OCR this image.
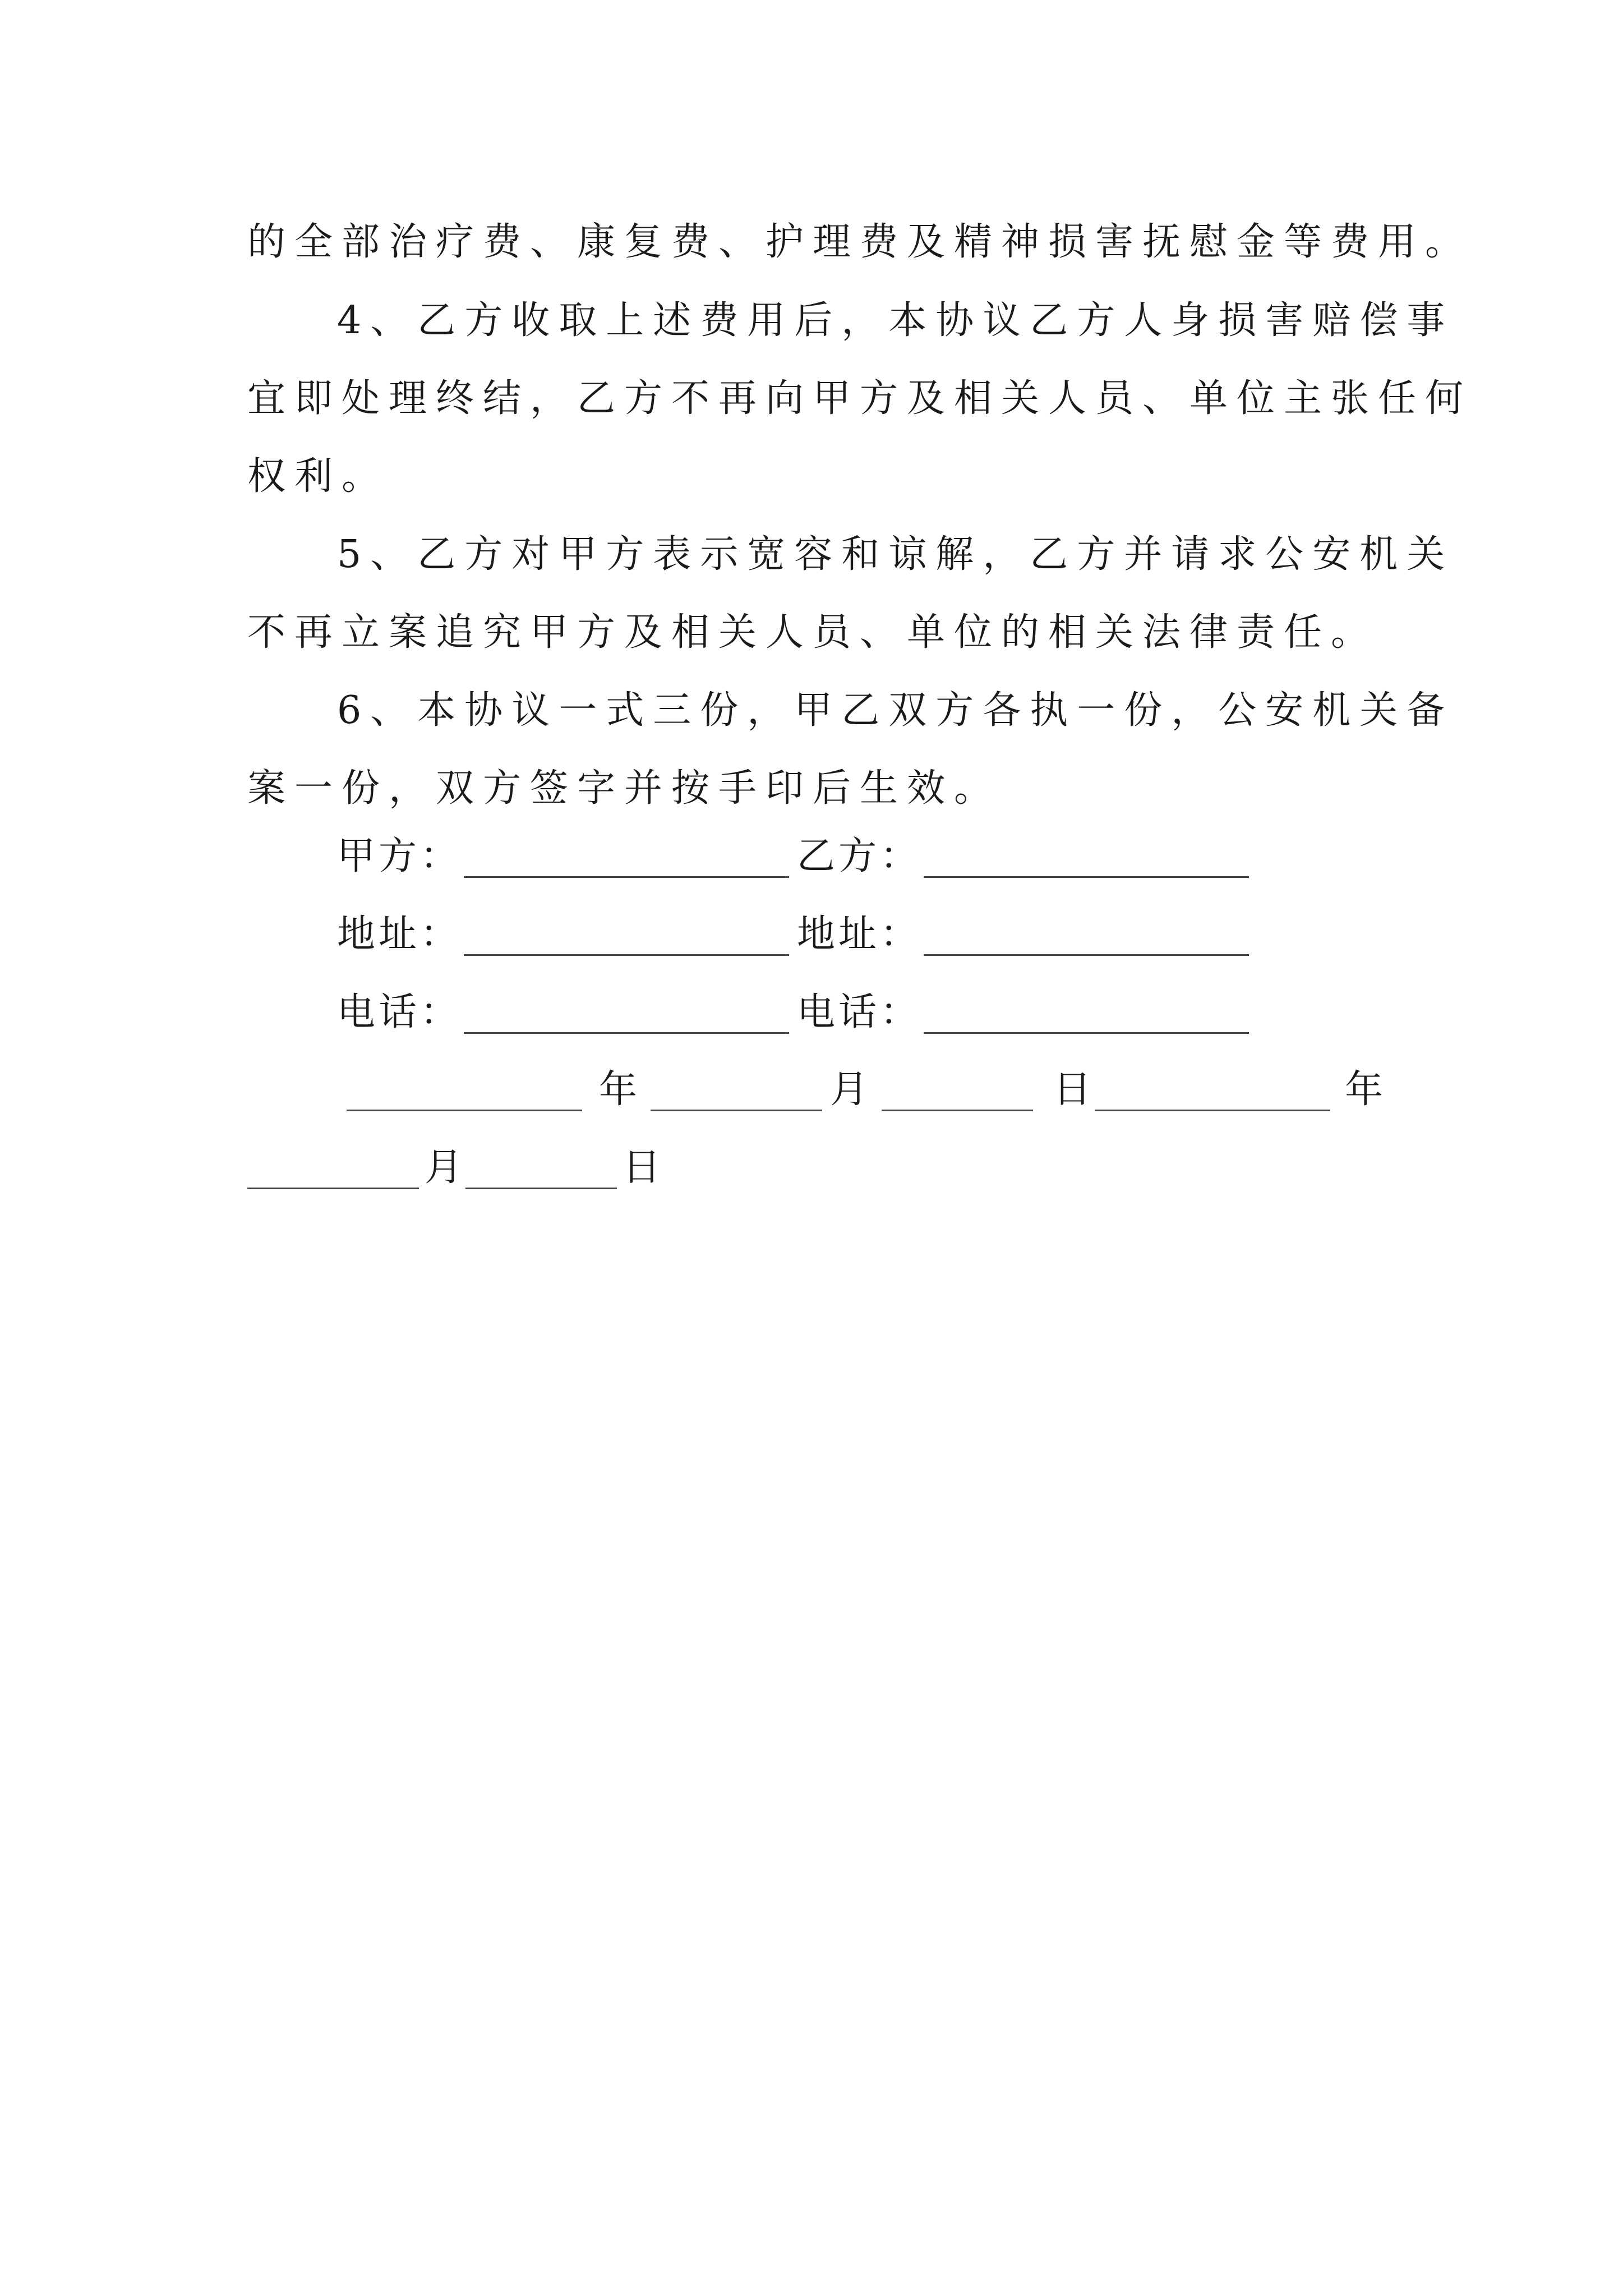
的全部治疗费、康复费、护理费及精神损害抚慰金等费用。
4、乙方收取上述费用后，本协议乙方人身损害赔偿事
宜即处理终结，乙方不再向甲方及相关人员、单位主张任何
权利。
5、乙方对甲方表示宽容和谅解，乙方并请求公安机关
不再立案追究甲方及相关人员、单位的相关法律责任。
6、本协议一式三份，甲乙双方各执一份，公安机关备
案一份，双方签字并按手印后生效。
甲方：	乙方：
地址：	地址：
电话：	电话：
年	月	日	年
月	日
